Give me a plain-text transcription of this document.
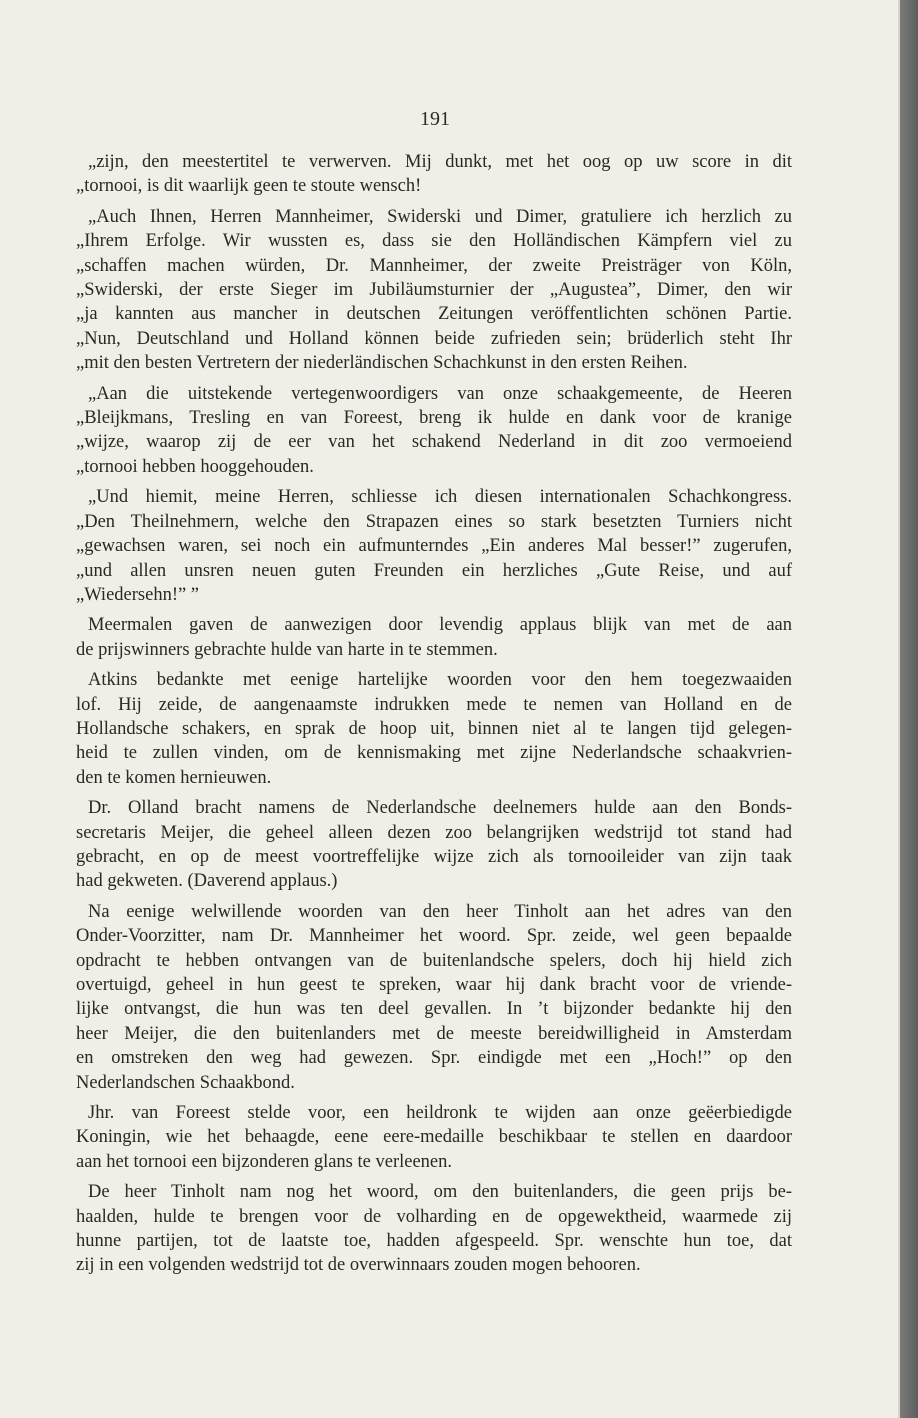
191

„zijn, den meestertitel te verwerven. Mij dunkt, met het oog op uw score in dit
„tornooi, is dit waarlijk geen te stoute wensch!

„Auch Ihnen, Herren Mannheimer, Swiderski und Dimer, gratuliere ich herzlich zu
„Ihrem Erfolge. Wir wussten es, dass sie den Holländischen Kämpfern viel zu
„schaffen machen würden, Dr. Mannheimer, der zweite Preisträger von Köln,
„Swiderski, der erste Sieger im Jubiläumsturnier der „Augustea”, Dimer, den wir
„ja kannten aus mancher in deutschen Zeitungen veröffentlichten schönen Partie.
„Nun, Deutschland und Holland können beide zufrieden sein; brüderlich steht Ihr
„mit den besten Vertretern der niederländischen Schachkunst in den ersten Reihen.

„Aan die uitstekende vertegenwoordigers van onze schaakgemeente, de Heeren
„Bleijkmans, Tresling en van Foreest, breng ik hulde en dank voor de kranige
„wijze, waarop zij de eer van het schakend Nederland in dit zoo vermoeiend
„tornooi hebben hooggehouden.

„Und hiemit, meine Herren, schliesse ich diesen internationalen Schachkongress.
„Den Theilnehmern, welche den Strapazen eines so stark besetzten Turniers nicht
„gewachsen waren, sei noch ein aufmunterndes „Ein anderes Mal besser!” zugerufen,
„und allen unsren neuen guten Freunden ein herzliches „Gute Reise, und auf
„Wiedersehn!” ”

Meermalen gaven de aanwezigen door levendig applaus blijk van met de aan
de prijswinners gebrachte hulde van harte in te stemmen.

Atkins bedankte met eenige hartelijke woorden voor den hem toegezwaaiden
lof. Hij zeide, de aangenaamste indrukken mede te nemen van Holland en de
Hollandsche schakers, en sprak de hoop uit, binnen niet al te langen tijd gelegen-
heid te zullen vinden, om de kennismaking met zijne Nederlandsche schaakvrien-
den te komen hernieuwen.

Dr. Olland bracht namens de Nederlandsche deelnemers hulde aan den Bonds-
secretaris Meijer, die geheel alleen dezen zoo belangrijken wedstrijd tot stand had
gebracht, en op de meest voortreffelijke wijze zich als tornooileider van zijn taak
had gekweten. (Daverend applaus.)

Na eenige welwillende woorden van den heer Tinholt aan het adres van den
Onder-Voorzitter, nam Dr. Mannheimer het woord. Spr. zeide, wel geen bepaalde
opdracht te hebben ontvangen van de buitenlandsche spelers, doch hij hield zich
overtuigd, geheel in hun geest te spreken, waar hij dank bracht voor de vriende-
lijke ontvangst, die hun was ten deel gevallen. In ’t bijzonder bedankte hij den
heer Meijer, die den buitenlanders met de meeste bereidwilligheid in Amsterdam
en omstreken den weg had gewezen. Spr. eindigde met een „Hoch!” op den
Nederlandschen Schaakbond.

Jhr. van Foreest stelde voor, een heildronk te wijden aan onze geëerbiedigde
Koningin, wie het behaagde, eene eere-medaille beschikbaar te stellen en daardoor
aan het tornooi een bijzonderen glans te verleenen.

De heer Tinholt nam nog het woord, om den buitenlanders, die geen prijs be-
haalden, hulde te brengen voor de volharding en de opgewektheid, waarmede zij
hunne partijen, tot de laatste toe, hadden afgespeeld. Spr. wenschte hun toe, dat
zij in een volgenden wedstrijd tot de overwinnaars zouden mogen behooren.
